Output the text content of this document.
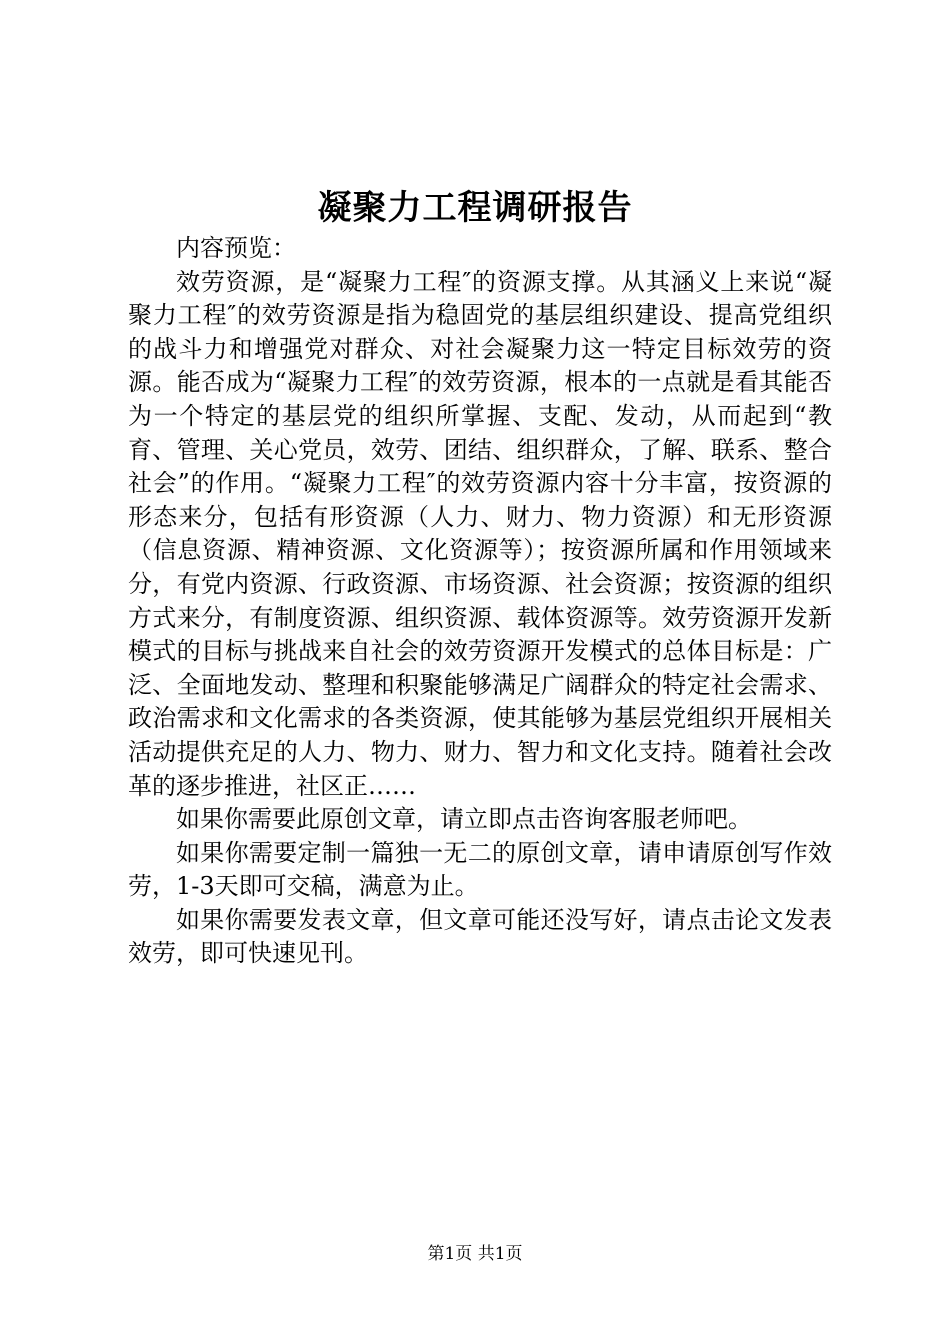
凝聚力工程调研报告

内容预览：

效劳资源，是“凝聚力工程″的资源支撑。从其涵义上来说“凝聚力工程″的效劳资源是指为稳固党的基层组织建设、提高党组织的战斗力和增强党对群众、对社会凝聚力这一特定目标效劳的资源。能否成为“凝聚力工程″的效劳资源，根本的一点就是看其能否为一个特定的基层党的组织所掌握、支配、发动，从而起到“教育、管理、关心党员，效劳、团结、组织群众，了解、联系、整合社会”的作用。“凝聚力工程″的效劳资源内容十分丰富，按资源的形态来分，包括有形资源（人力、财力、物力资源）和无形资源（信息资源、精神资源、文化资源等）；按资源所属和作用领域来分，有党内资源、行政资源、市场资源、社会资源；按资源的组织方式来分，有制度资源、组织资源、载体资源等。效劳资源开发新模式的目标与挑战来自社会的效劳资源开发模式的总体目标是：广泛、全面地发动、整理和积聚能够满足广阔群众的特定社会需求、政治需求和文化需求的各类资源，使其能够为基层党组织开展相关活动提供充足的人力、物力、财力、智力和文化支持。随着社会改革的逐步推进，社区正……

如果你需要此原创文章，请立即点击咨询客服老师吧。

如果你需要定制一篇独一无二的原创文章，请申请原创写作效劳，1-3天即可交稿，满意为止。

如果你需要发表文章，但文章可能还没写好，请点击论文发表效劳，即可快速见刊。

第1页 共1页
